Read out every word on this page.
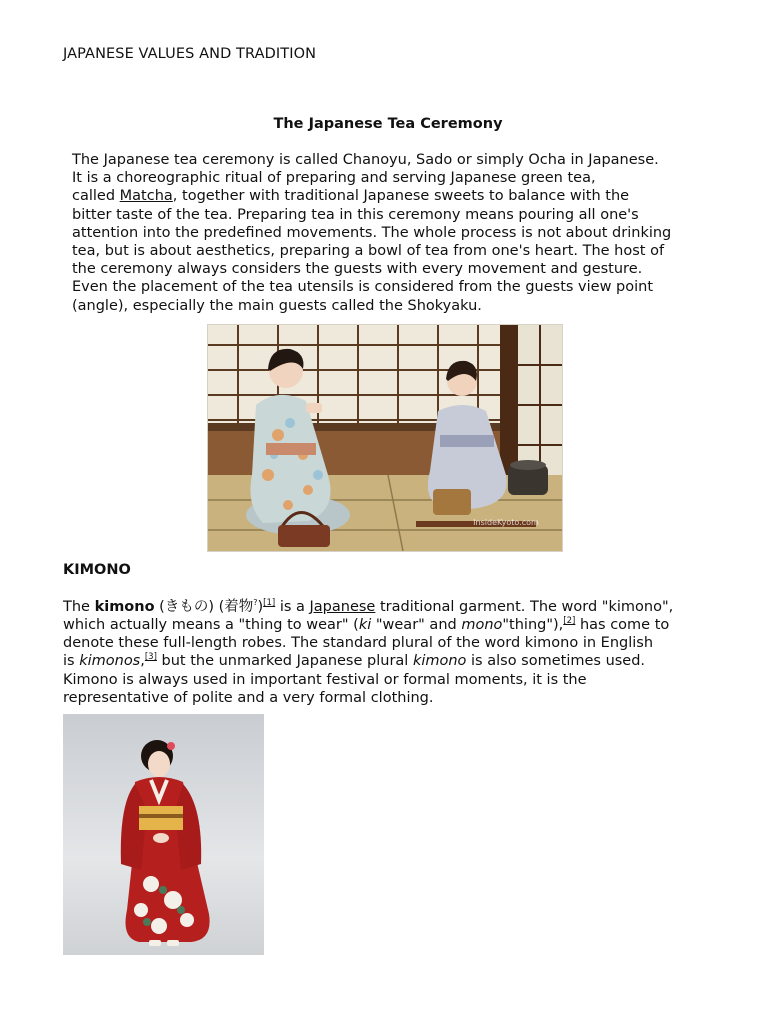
JAPANESE VALUES AND TRADITION
The Japanese Tea Ceremony

The Japanese tea ceremony is called Chanoyu, Sado or simply Ocha in Japanese.
It is a choreographic ritual of preparing and serving Japanese green tea,
called Matcha, together with traditional Japanese sweets to balance with the
bitter taste of the tea. Preparing tea in this ceremony means pouring all one's
attention into the predefined movements. The whole process is not about drinking
tea, but is about aesthetics, preparing a bowl of tea from one's heart. The host of
the ceremony always considers the guests with every movement and gesture.
Even the placement of the tea utensils is considered from the guests view point
(angle), especially the main guests called the Shokyaku.

InsideKyoto.com
KIMONO

The kimono (きもの) (着物?)[1] is a Japanese traditional garment. The word "kimono",
which actually means a "thing to wear" (ki "wear" and mono"thing"),[2] has come to
denote these full-length robes. The standard plural of the word kimono in English
is kimonos,[3] but the unmarked Japanese plural kimono is also sometimes used.
Kimono is always used in important festival or formal moments, it is the
representative of polite and a very formal clothing.
